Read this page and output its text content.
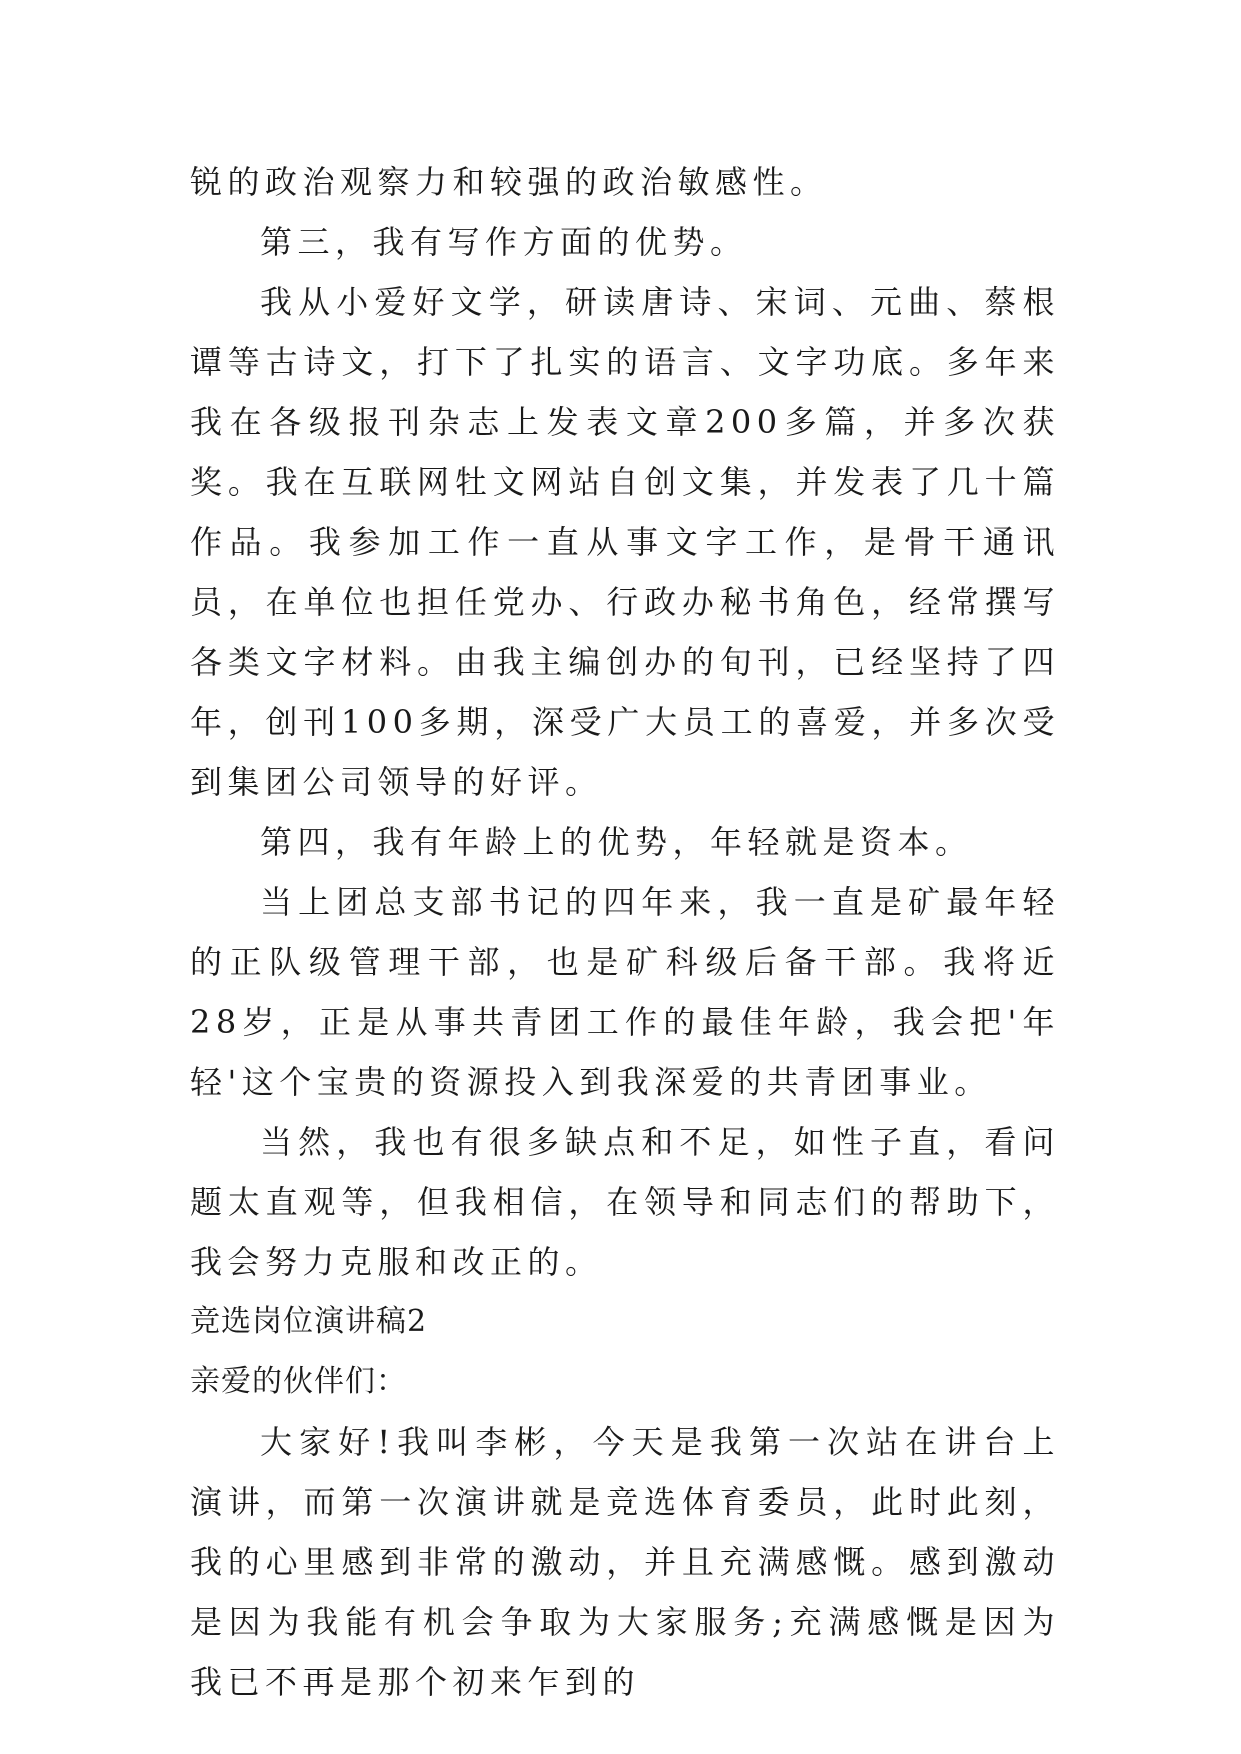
锐的政治观察力和较强的政治敏感性。

第三，我有写作方面的优势。

我从小爱好文学，研读唐诗、宋词、元曲、蔡根谭等古诗文，打下了扎实的语言、文字功底。多年来我在各级报刊杂志上发表文章200多篇，并多次获奖。我在互联网牡文网站自创文集，并发表了几十篇作品。我参加工作一直从事文字工作，是骨干通讯员，在单位也担任党办、行政办秘书角色，经常撰写各类文字材料。由我主编创办的旬刊，已经坚持了四年，创刊100多期，深受广大员工的喜爱，并多次受到集团公司领导的好评。

第四，我有年龄上的优势，年轻就是资本。

当上团总支部书记的四年来，我一直是矿最年轻的正队级管理干部，也是矿科级后备干部。我将近28岁，正是从事共青团工作的最佳年龄，我会把'年轻'这个宝贵的资源投入到我深爱的共青团事业。

当然，我也有很多缺点和不足，如性子直，看问题太直观等，但我相信，在领导和同志们的帮助下，我会努力克服和改正的。

竞选岗位演讲稿2

亲爱的伙伴们：

大家好!我叫李彬，今天是我第一次站在讲台上演讲，而第一次演讲就是竞选体育委员，此时此刻，我的心里感到非常的激动，并且充满感慨。感到激动是因为我能有机会争取为大家服务;充满感慨是因为我已不再是那个初来乍到的
